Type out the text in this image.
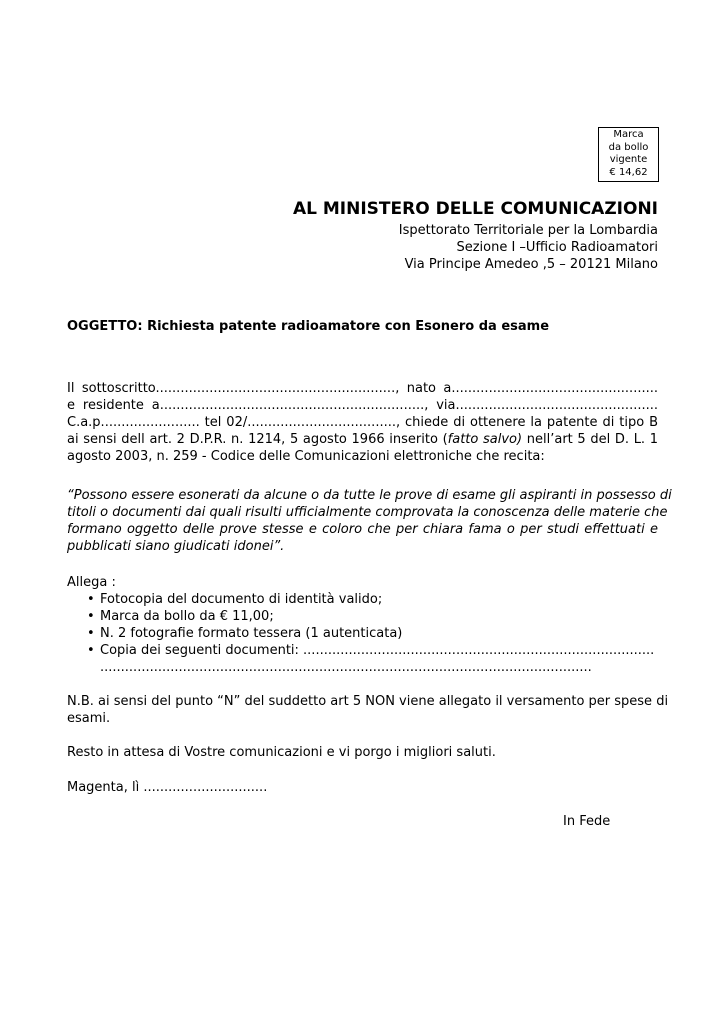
Marca
da bollo
vigente
€ 14,62
AL MINISTERO DELLE COMUNICAZIONI
Ispettorato Territoriale per la Lombardia
Sezione I –Ufficio Radioamatori
Via Principe Amedeo ,5 – 20121 Milano
OGGETTO: Richiesta patente radioamatore con Esonero da esame
Il sottoscritto.........................................................., nato a..................................................
e residente a................................................................, via.................................................
C.a.p........................ tel 02/...................................., chiede di ottenere la patente di tipo B
ai sensi dell art. 2 D.P.R. n. 1214, 5 agosto 1966 inserito (fatto salvo) nell’art 5 del D. L. 1
agosto 2003, n. 259 - Codice delle Comunicazioni elettroniche che recita:
“Possono essere esonerati da alcune o da tutte le prove di esame gli aspiranti in possesso di
titoli o documenti dai quali risulti ufficialmente comprovata la conoscenza delle materie che
formano oggetto delle prove stesse e coloro che per chiara fama o per studi effettuati e
pubblicati siano giudicati idonei”.
Allega :
• Fotocopia del documento di identità valido;
• Marca da bollo da € 11,00;
• N. 2 fotografie formato tessera (1 autenticata)
• Copia dei seguenti documenti: .....................................................................................
.......................................................................................................................
N.B. ai sensi del punto “N” del suddetto art 5 NON viene allegato il versamento per spese di
esami.
Resto in attesa di Vostre comunicazioni e vi porgo i migliori saluti.
Magenta, lì ..............................
In Fede
